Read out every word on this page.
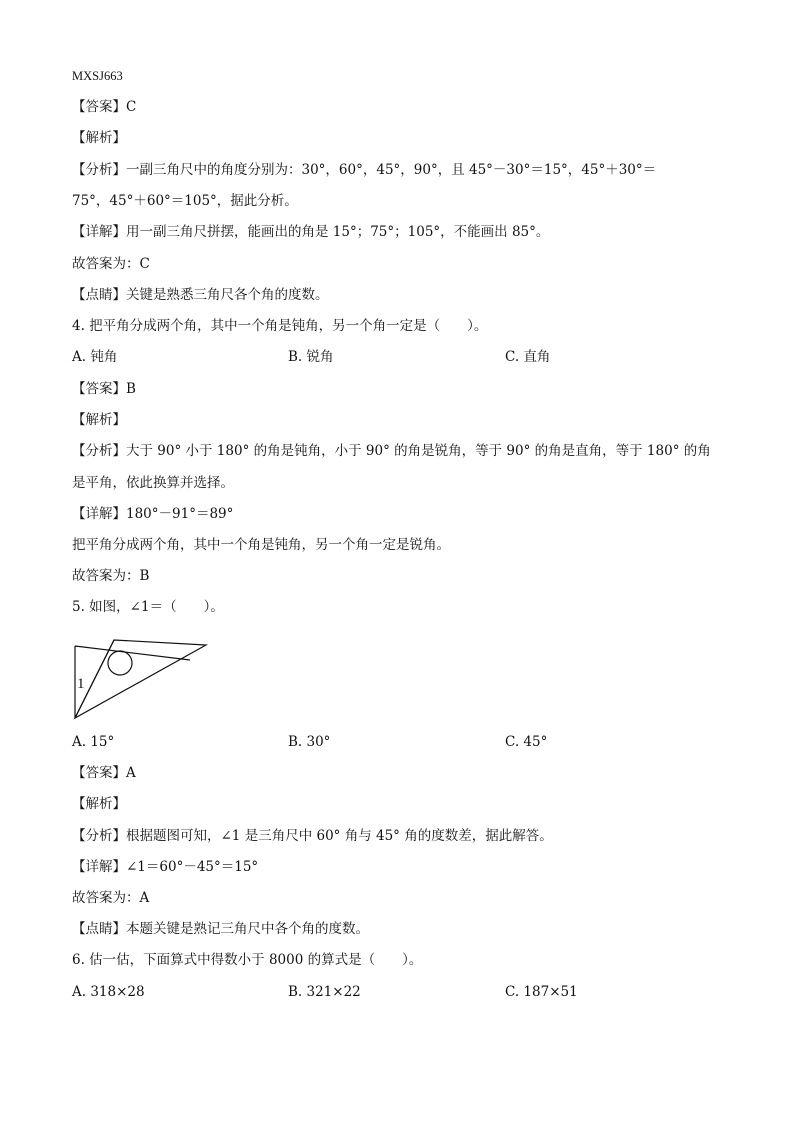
MXSJ663
【答案】C
【解析】
【分析】一副三角尺中的角度分别为：30°，60°，45°，90°，且 45°－30°＝15°，45°＋30°＝
75°，45°＋60°＝105°，据此分析。
【详解】用一副三角尺拼摆，能画出的角是 15°；75°；105°，不能画出 85°。
故答案为：C
【点睛】关键是熟悉三角尺各个角的度数。
4. 把平角分成两个角，其中一个角是钝角，另一个角一定是（　　）。
A. 钝角	B. 锐角	C. 直角
【答案】B
【解析】
【分析】大于 90° 小于 180° 的角是钝角，小于 90° 的角是锐角，等于 90° 的角是直角，等于 180° 的角
是平角，依此换算并选择。
【详解】180°－91°＝89°
把平角分成两个角，其中一个角是钝角，另一个角一定是锐角。
故答案为：B
5. 如图，∠1＝（　　）。
1
A. 15°	B. 30°	C. 45°
【答案】A
【解析】
【分析】根据题图可知，∠1 是三角尺中 60° 角与 45° 角的度数差，据此解答。
【详解】∠1＝60°－45°＝15°
故答案为：A
【点睛】本题关键是熟记三角尺中各个角的度数。
6. 估一估，下面算式中得数小于 8000 的算式是（　　）。
A. 318×28	B. 321×22	C. 187×51
